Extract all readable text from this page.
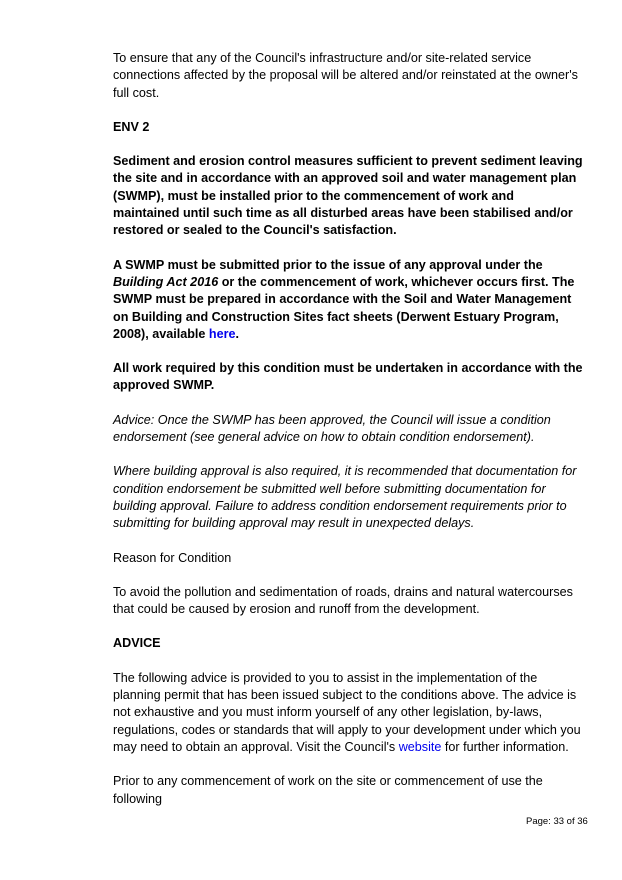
To ensure that any of the Council's infrastructure and/or site-related service connections affected by the proposal will be altered and/or reinstated at the owner's full cost.

ENV 2

Sediment and erosion control measures sufficient to prevent sediment leaving the site and in accordance with an approved soil and water management plan (SWMP), must be installed prior to the commencement of work and maintained until such time as all disturbed areas have been stabilised and/or restored or sealed to the Council's satisfaction.

A SWMP must be submitted prior to the issue of any approval under the Building Act 2016 or the commencement of work, whichever occurs first. The SWMP must be prepared in accordance with the Soil and Water Management on Building and Construction Sites fact sheets (Derwent Estuary Program, 2008), available here.

All work required by this condition must be undertaken in accordance with the approved SWMP.

Advice: Once the SWMP has been approved, the Council will issue a condition endorsement (see general advice on how to obtain condition endorsement).

Where building approval is also required, it is recommended that documentation for condition endorsement be submitted well before submitting documentation for building approval. Failure to address condition endorsement requirements prior to submitting for building approval may result in unexpected delays.

Reason for Condition

To avoid the pollution and sedimentation of roads, drains and natural watercourses that could be caused by erosion and runoff from the development.

ADVICE

The following advice is provided to you to assist in the implementation of the planning permit that has been issued subject to the conditions above. The advice is not exhaustive and you must inform yourself of any other legislation, by-laws, regulations, codes or standards that will apply to your development under which you may need to obtain an approval. Visit the Council's website for further information.

Prior to any commencement of work on the site or commencement of use the following

Page: 33 of 36
